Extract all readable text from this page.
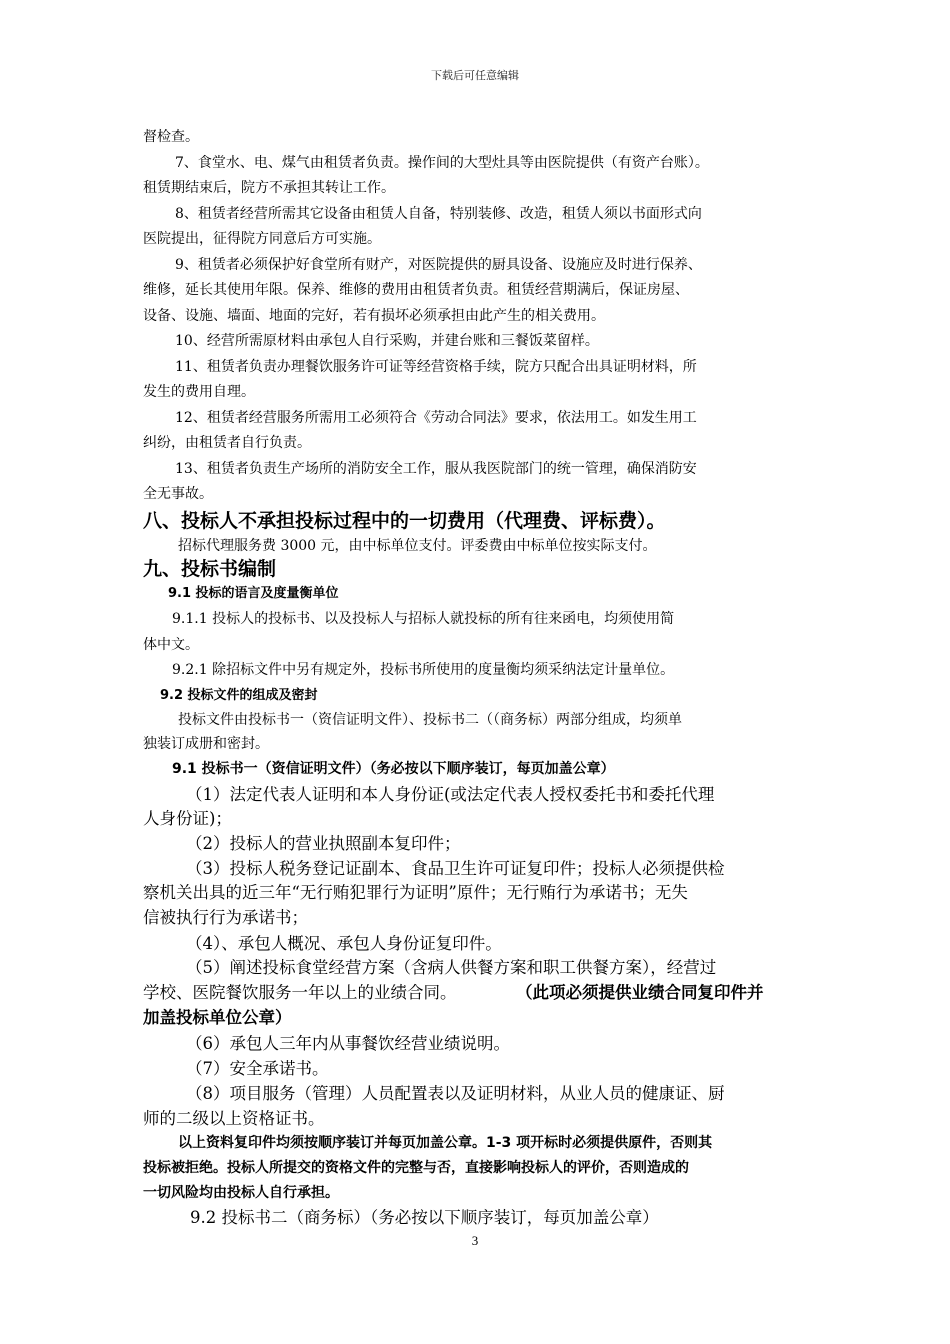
下载后可任意编辑
督检查。
7、食堂水、电、煤气由租赁者负责。操作间的大型灶具等由医院提供（有资产台账）。
租赁期结束后，院方不承担其转让工作。
8、租赁者经营所需其它设备由租赁人自备，特别装修、改造，租赁人须以书面形式向
医院提出，征得院方同意后方可实施。
9、租赁者必须保护好食堂所有财产，对医院提供的厨具设备、设施应及时进行保养、
维修，延长其使用年限。保养、维修的费用由租赁者负责。租赁经营期满后，保证房屋、
设备、设施、墙面、地面的完好，若有损坏必须承担由此产生的相关费用。
10、经营所需原材料由承包人自行采购，并建台账和三餐饭菜留样。
11、租赁者负责办理餐饮服务许可证等经营资格手续，院方只配合出具证明材料，所
发生的费用自理。
12、租赁者经营服务所需用工必须符合《劳动合同法》要求，依法用工。如发生用工
纠纷，由租赁者自行负责。
13、租赁者负责生产场所的消防安全工作，服从我医院部门的统一管理，确保消防安
全无事故。
八、投标人不承担投标过程中的一切费用（代理费、评标费）。
招标代理服务费 3000 元，由中标单位支付。评委费由中标单位按实际支付。
九、投标书编制
9.1 投标的语言及度量衡单位
9.1.1 投标人的投标书、以及投标人与招标人就投标的所有往来函电，均须使用简
体中文。
9.2.1 除招标文件中另有规定外，投标书所使用的度量衡均须采纳法定计量单位。
9.2 投标文件的组成及密封
投标文件由投标书一（资信证明文件）、投标书二（（商务标）两部分组成，均须单
独装订成册和密封。
9.1 投标书一（资信证明文件）（务必按以下顺序装订，每页加盖公章）
（1）法定代表人证明和本人身份证(或法定代表人授权委托书和委托代理
人身份证)；
（2）投标人的营业执照副本复印件；
（3）投标人税务登记证副本、食品卫生许可证复印件；投标人必须提供检
察机关出具的近三年“无行贿犯罪行为证明”原件；无行贿行为承诺书；无失
信被执行行为承诺书；
（4）、承包人概况、承包人身份证复印件。
（5）阐述投标食堂经营方案（含病人供餐方案和职工供餐方案），经营过
学校、医院餐饮服务一年以上的业绩合同。	（此项必须提供业绩合同复印件并
加盖投标单位公章）
（6）承包人三年内从事餐饮经营业绩说明。
（7）安全承诺书。
（8）项目服务（管理）人员配置表以及证明材料，从业人员的健康证、厨
师的二级以上资格证书。
以上资料复印件均须按顺序装订并每页加盖公章。1-3 项开标时必须提供原件，否则其
投标被拒绝。投标人所提交的资格文件的完整与否，直接影响投标人的评价，否则造成的
一切风险均由投标人自行承担。
9.2 投标书二（商务标）（务必按以下顺序装订，每页加盖公章）
3
